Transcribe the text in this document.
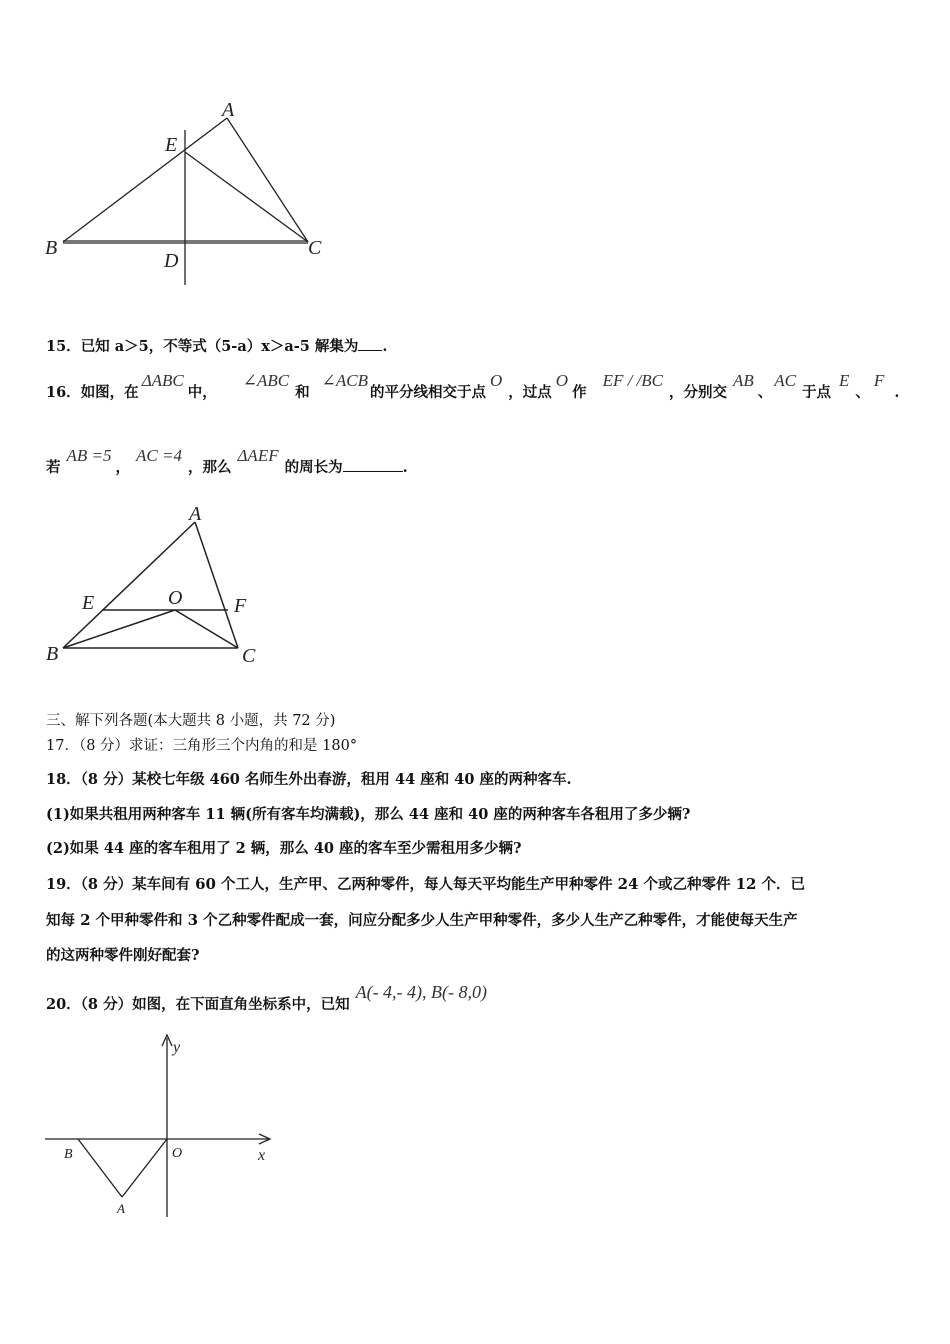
A
E
B
D
C
15．已知 a＞5，不等式（5-a）x＞a-5 解集为 .
16．如图，在ΔABC中，∠ABC和∠ACB的平分线相交于点O，过点O作EF / /BC，分别交AB、AC于点E、F.
若AB =5，AC =4，那么ΔAEF的周长为	.
A
E	O	F
B	C
三、解下列各题(本大题共 8 小题，共 72 分)
17．（8 分）求证：三角形三个内角的和是 180°
18．（8 分）某校七年级 460 名师生外出春游，租用 44 座和 40 座的两种客车.
(1)如果共租用两种客车 11 辆(所有客车均满载)，那么 44 座和 40 座的两种客车各租用了多少辆?
(2)如果 44 座的客车租用了 2 辆，那么 40 座的客车至少需租用多少辆?
19．（8 分）某车间有 60 个工人，生产甲、乙两种零件，每人每天平均能生产甲种零件 24 个或乙种零件 12 个．已
知每 2 个甲种零件和 3 个乙种零件配成一套，问应分配多少人生产甲种零件，多少人生产乙种零件，才能使每天生产
的这两种零件刚好配套?
20．（8 分）如图，在下面直角坐标系中，已知A(- 4,- 4), B(- 8,0)
y
x
B	O
A
